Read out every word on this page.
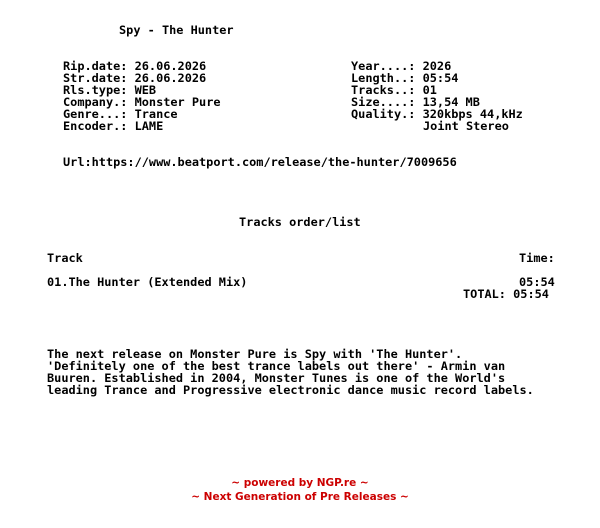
Spy - The Hunter
Rip.date: 26.06.2026
Str.date: 26.06.2026
Rls.type: WEB
Company.: Monster Pure
Genre...: Trance
Encoder.: LAME
Year....: 2026
Length..: 05:54
Tracks..: 01
Size....: 13,54 MB
Quality.: 320kbps 44,kHz
Joint Stereo
Url:https://www.beatport.com/release/the-hunter/7009656
Tracks order/list
Track	Time:
01.The Hunter (Extended Mix)	05:54
TOTAL: 05:54
The next release on Monster Pure is Spy with 'The Hunter'.
'Definitely one of the best trance labels out there' - Armin van
Buuren. Established in 2004, Monster Tunes is one of the World's
leading Trance and Progressive electronic dance music record labels.
~ powered by NGP.re ~
~ Next Generation of Pre Releases ~
